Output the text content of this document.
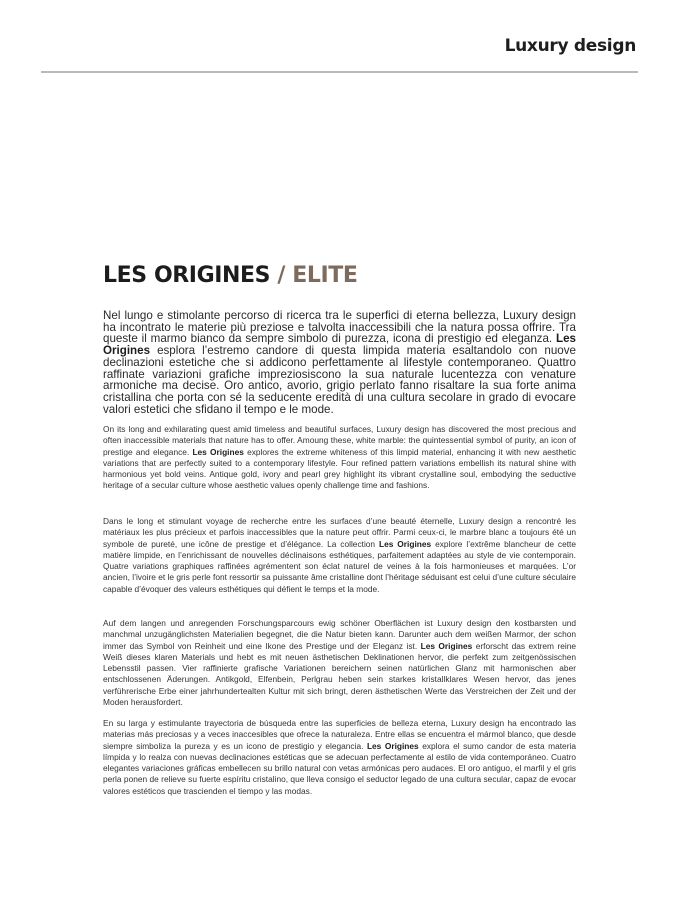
Luxury design
LES ORIGINES / ELITE

Nel lungo e stimolante percorso di ricerca tra le superfici di eterna bellezza, Luxury design ha incontrato le materie più preziose e talvolta inaccessibili che la natura possa offrire. Tra queste il marmo bianco da sempre simbolo di purezza, icona di prestigio ed eleganza. Les Origines esplora l’estremo candore di questa limpida materia esaltandolo con nuove declinazioni estetiche che si addicono perfettamente al lifestyle contemporaneo. Quattro raffinate variazioni grafiche impreziosiscono la sua naturale lucentezza con venature armoniche ma decise. Oro antico, avorio, grigio perlato fanno risaltare la sua forte anima cristallina che porta con sé la seducente eredità di una cultura secolare in grado di evocare valori estetici che sfidano il tempo e le mode.

On its long and exhilarating quest amid timeless and beautiful surfaces, Luxury design has discovered the most precious and often inaccessible materials that nature has to offer. Amoung these, white marble: the quintessential symbol of purity, an icon of prestige and elegance. Les Origines explores the extreme whiteness of this limpid material, enhancing it with new aesthetic variations that are perfectly suited to a contemporary lifestyle. Four refined pattern variations embellish its natural shine with harmonious yet bold veins. Antique gold, ivory and pearl grey highlight its vibrant crystalline soul, embodying the seductive heritage of a secular culture whose aesthetic values openly challenge time and fashions.

Dans le long et stimulant voyage de recherche entre les surfaces d’une beauté éternelle, Luxury design a rencontré les matériaux les plus précieux et parfois inaccessibles que la nature peut offrir. Parmi ceux-ci, le marbre blanc a toujours été un symbole de pureté, une icône de prestige et d’élégance. La collection Les Origines explore l’extrême blancheur de cette matière limpide, en l’enrichissant de nouvelles déclinaisons esthétiques, parfaitement adaptées au style de vie contemporain. Quatre variations graphiques raffinées agrémentent son éclat naturel de veines à la fois harmonieuses et marquées. L’or ancien, l’ivoire et le gris perle font ressortir sa puissante âme cristalline dont l’héritage séduisant est celui d’une culture séculaire capable d’évoquer des valeurs esthétiques qui défient le temps et la mode.

Auf dem langen und anregenden Forschungsparcours ewig schöner Oberflächen ist Luxury design den kostbarsten und manchmal unzugänglichsten Materialien begegnet, die die Natur bieten kann. Darunter auch dem weißen Marmor, der schon immer das Symbol von Reinheit und eine Ikone des Prestige und der Eleganz ist. Les Origines erforscht das extrem reine Weiß dieses klaren Materials und hebt es mit neuen ästhetischen Deklinationen hervor, die perfekt zum zeitgenössischen Lebensstil passen. Vier raffinierte grafische Variationen bereichern seinen natürlichen Glanz mit harmonischen aber entschlossenen Äderungen. Antikgold, Elfenbein, Perlgrau heben sein starkes kristallklares Wesen hervor, das jenes verführerische Erbe einer jahrhundertealten Kultur mit sich bringt, deren ästhetischen Werte das Verstreichen der Zeit und der Moden herausfordert.

En su larga y estimulante trayectoria de búsqueda entre las superficies de belleza eterna, Luxury design ha encontrado las materias más preciosas y a veces inaccesibles que ofrece la naturaleza. Entre ellas se encuentra el mármol blanco, que desde siempre simboliza la pureza y es un icono de prestigio y elegancia. Les Origines explora el sumo candor de esta materia límpida y lo realza con nuevas declinaciones estéticas que se adecuan perfectamente al estilo de vida contemporáneo. Cuatro elegantes variaciones gráficas embellecen su brillo natural con vetas armónicas pero audaces. El oro antiguo, el marfil y el gris perla ponen de relieve su fuerte espíritu cristalino, que lleva consigo el seductor legado de una cultura secular, capaz de evocar valores estéticos que trascienden el tiempo y las modas.
